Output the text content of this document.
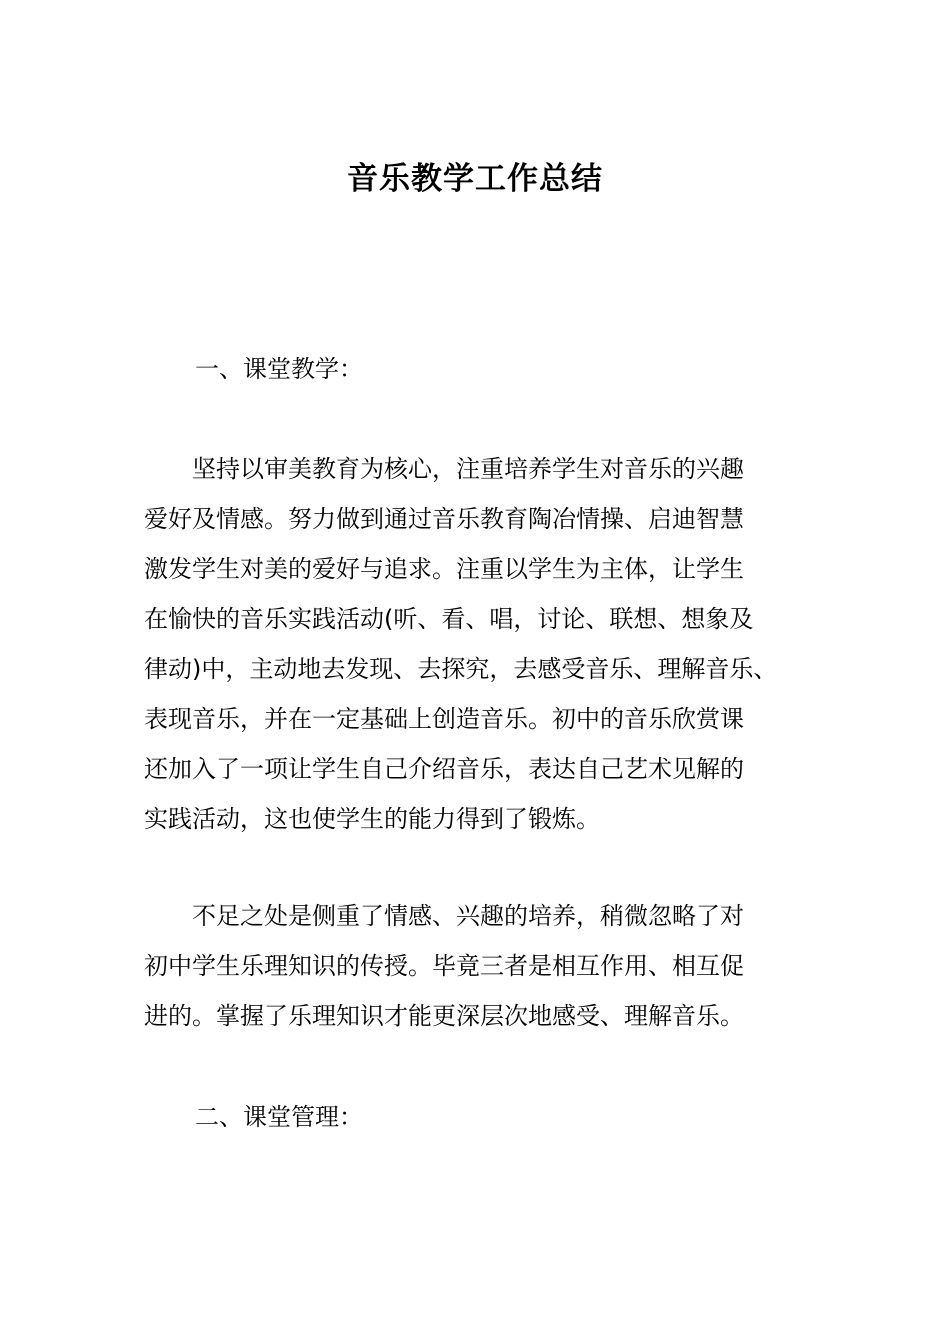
音乐教学工作总结
一、课堂教学：
　　坚持以审美教育为核心，注重培养学生对音乐的兴趣
爱好及情感。努力做到通过音乐教育陶冶情操、启迪智慧
激发学生对美的爱好与追求。注重以学生为主体，让学生
在愉快的音乐实践活动(听、看、唱，讨论、联想、想象及
律动)中，主动地去发现、去探究，去感受音乐、理解音乐、
表现音乐，并在一定基础上创造音乐。初中的音乐欣赏课
还加入了一项让学生自己介绍音乐，表达自己艺术见解的
实践活动，这也使学生的能力得到了锻炼。
　　不足之处是侧重了情感、兴趣的培养，稍微忽略了对
初中学生乐理知识的传授。毕竟三者是相互作用、相互促
进的。掌握了乐理知识才能更深层次地感受、理解音乐。
二、课堂管理：
